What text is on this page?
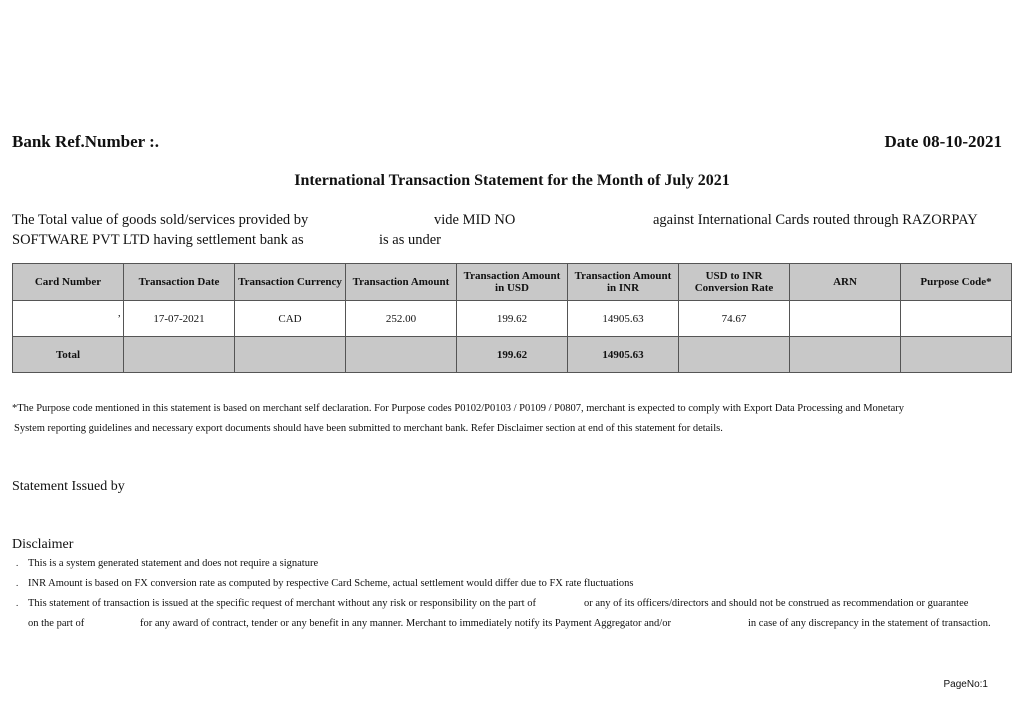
Bank Ref.Number :.	Date 08-10-2021
International Transaction Statement for the Month of July 2021
The Total value of goods sold/services provided by	vide MID NO	against International Cards routed through RAZORPAY
SOFTWARE PVT LTD having settlement bank as	is as under
Card Number	Transaction Date	Transaction Currency	Transaction Amount	Transaction Amount in USD	Transaction Amount in INR	USD to INR Conversion Rate	ARN	Purpose Code*
’	17-07-2021	CAD	252.00	199.62	14905.63	74.67		
Total				199.62	14905.63			
*The Purpose code mentioned in this statement is based on merchant self declaration. For Purpose codes P0102/P0103 / P0109 / P0807, merchant is expected to comply with Export Data Processing and Monetary
System reporting guidelines and necessary export documents should have been submitted to merchant bank. Refer Disclaimer section at end of this statement for details.
Statement Issued by
Disclaimer
. This is a system generated statement and does not require a signature
. INR Amount is based on FX conversion rate as computed by respective Card Scheme, actual settlement would differ due to FX rate fluctuations
. This statement of transaction is issued at the specific request of merchant without any risk or responsibility on the part of	or any of its officers/directors and should not be construed as recommendation or guarantee
on the part of	for any award of contract, tender or any benefit in any manner. Merchant to immediately notify its Payment Aggregator and/or	in case of any discrepancy in the statement of transaction.
PageNo:1
